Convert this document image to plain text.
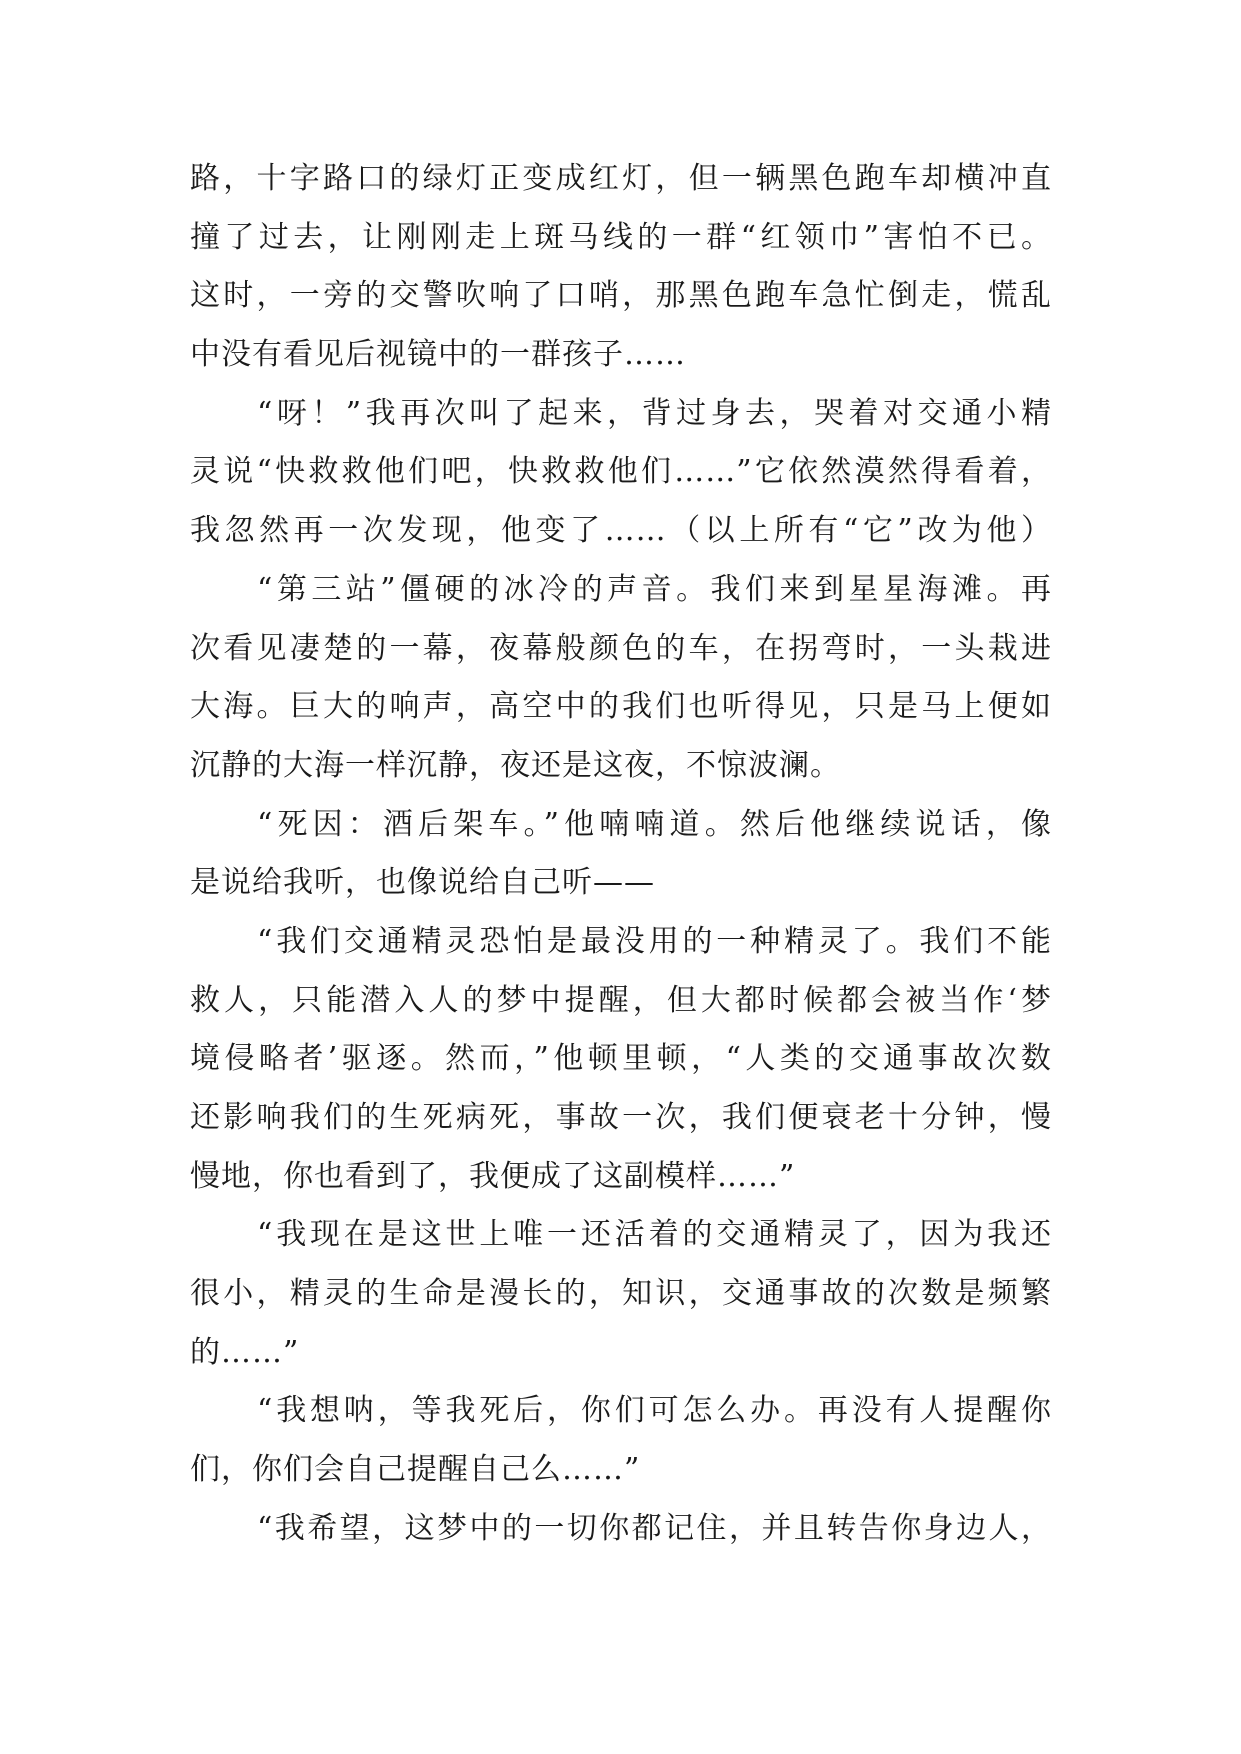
路，十字路口的绿灯正变成红灯，但一辆黑色跑车却横冲直
撞了过去，让刚刚走上斑马线的一群“红领巾”害怕不已。
这时，一旁的交警吹响了口哨，那黑色跑车急忙倒走，慌乱
中没有看见后视镜中的一群孩子……
“呀！”我再次叫了起来，背过身去，哭着对交通小精
灵说“快救救他们吧，快救救他们……”它依然漠然得看着，
我忽然再一次发现，他变了……（以上所有“它”改为他）
“第三站”僵硬的冰冷的声音。我们来到星星海滩。再
次看见凄楚的一幕，夜幕般颜色的车，在拐弯时，一头栽进
大海。巨大的响声，高空中的我们也听得见，只是马上便如
沉静的大海一样沉静，夜还是这夜，不惊波澜。
“死因：酒后架车。”他喃喃道。然后他继续说话，像
是说给我听，也像说给自己听——
“我们交通精灵恐怕是最没用的一种精灵了。我们不能
救人，只能潜入人的梦中提醒，但大都时候都会被当作‘梦
境侵略者’驱逐。然而，”他顿里顿，“人类的交通事故次数
还影响我们的生死病死，事故一次，我们便衰老十分钟，慢
慢地，你也看到了，我便成了这副模样……”
“我现在是这世上唯一还活着的交通精灵了，因为我还
很小，精灵的生命是漫长的，知识，交通事故的次数是频繁
的……”
“我想呐，等我死后，你们可怎么办。再没有人提醒你
们，你们会自己提醒自己么……”
“我希望，这梦中的一切你都记住，并且转告你身边人，
